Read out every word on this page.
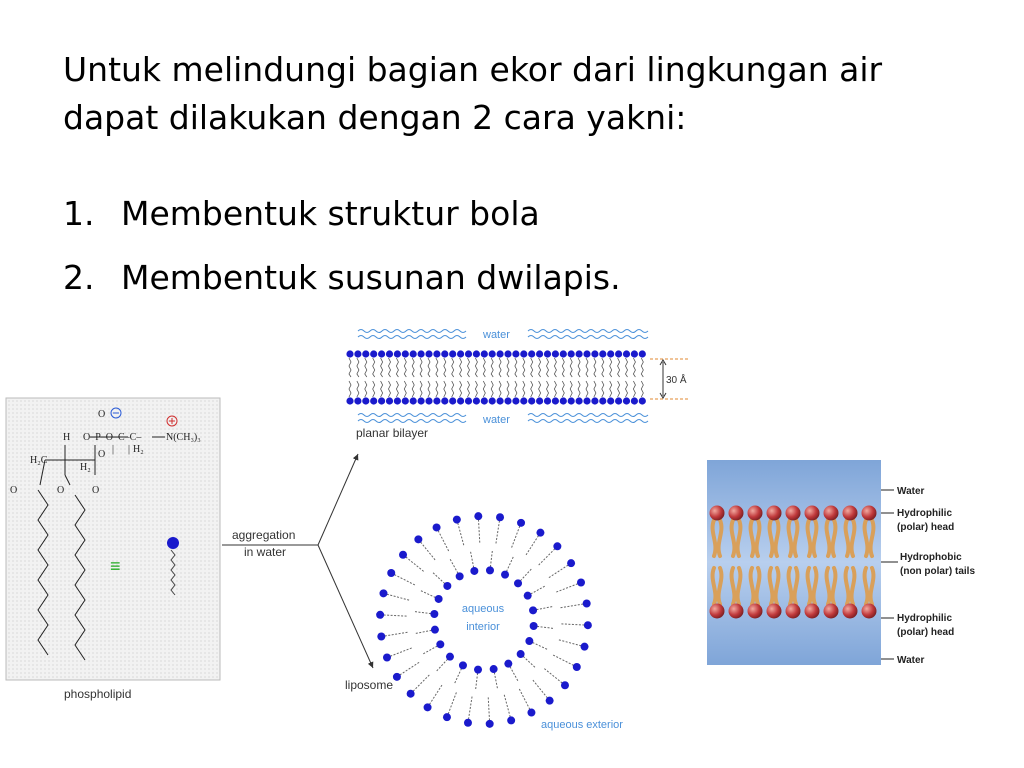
Untuk melindungi bagian ekor dari lingkungan air dapat dilakukan dengan 2 cara yakni:
1. Membentuk struktur bola
2. Membentuk susunan dwilapis.
O
O
H O–P–O–C–C–
| |
H₂C
H₂
H₂
N(CH₃)₃
O	O	O
≡
phospholipid
aggregation
in water
water
water
30 Å
planar bilayer
aqueous
interior
aqueous exterior
liposome
Water
Hydrophilic
(polar) head
Hydrophobic
(non polar) tails
Hydrophilic
(polar) head
Water
